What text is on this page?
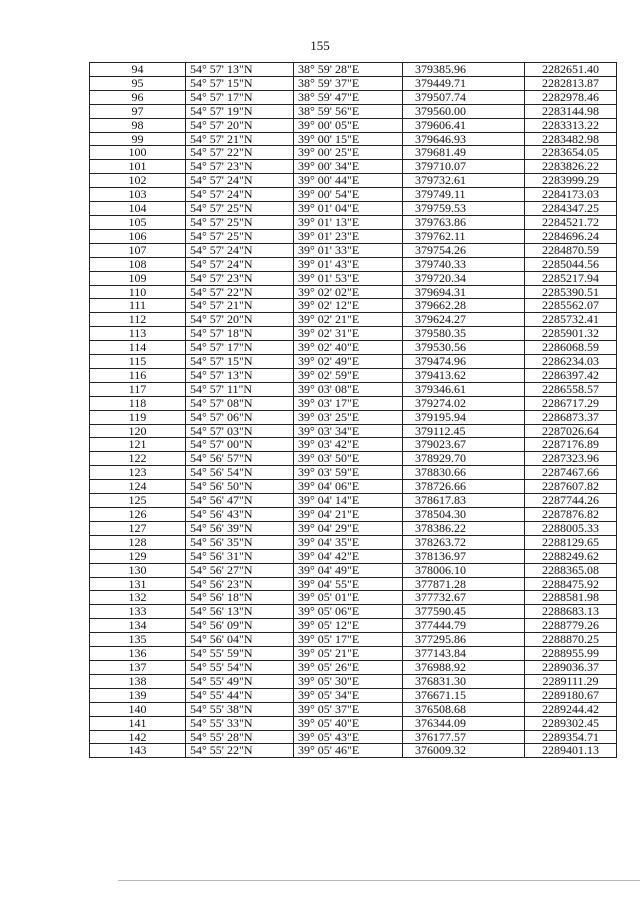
155
94	54° 57' 13"N	38° 59' 28"E	379385.96	2282651.40
95	54° 57' 15"N	38° 59' 37"E	379449.71	2282813.87
96	54° 57' 17"N	38° 59' 47"E	379507.74	2282978.46
97	54° 57' 19"N	38° 59' 56"E	379560.00	2283144.98
98	54° 57' 20"N	39° 00' 05"E	379606.41	2283313.22
99	54° 57' 21"N	39° 00' 15"E	379646.93	2283482.98
100	54° 57' 22"N	39° 00' 25"E	379681.49	2283654.05
101	54° 57' 23"N	39° 00' 34"E	379710.07	2283826.22
102	54° 57' 24"N	39° 00' 44"E	379732.61	2283999.29
103	54° 57' 24"N	39° 00' 54"E	379749.11	2284173.03
104	54° 57' 25"N	39° 01' 04"E	379759.53	2284347.25
105	54° 57' 25"N	39° 01' 13"E	379763.86	2284521.72
106	54° 57' 25"N	39° 01' 23"E	379762.11	2284696.24
107	54° 57' 24"N	39° 01' 33"E	379754.26	2284870.59
108	54° 57' 24"N	39° 01' 43"E	379740.33	2285044.56
109	54° 57' 23"N	39° 01' 53"E	379720.34	2285217.94
110	54° 57' 22"N	39° 02' 02"E	379694.31	2285390.51
111	54° 57' 21"N	39° 02' 12"E	379662.28	2285562.07
112	54° 57' 20"N	39° 02' 21"E	379624.27	2285732.41
113	54° 57' 18"N	39° 02' 31"E	379580.35	2285901.32
114	54° 57' 17"N	39° 02' 40"E	379530.56	2286068.59
115	54° 57' 15"N	39° 02' 49"E	379474.96	2286234.03
116	54° 57' 13"N	39° 02' 59"E	379413.62	2286397.42
117	54° 57' 11"N	39° 03' 08"E	379346.61	2286558.57
118	54° 57' 08"N	39° 03' 17"E	379274.02	2286717.29
119	54° 57' 06"N	39° 03' 25"E	379195.94	2286873.37
120	54° 57' 03"N	39° 03' 34"E	379112.45	2287026.64
121	54° 57' 00"N	39° 03' 42"E	379023.67	2287176.89
122	54° 56' 57"N	39° 03' 50"E	378929.70	2287323.96
123	54° 56' 54"N	39° 03' 59"E	378830.66	2287467.66
124	54° 56' 50"N	39° 04' 06"E	378726.66	2287607.82
125	54° 56' 47"N	39° 04' 14"E	378617.83	2287744.26
126	54° 56' 43"N	39° 04' 21"E	378504.30	2287876.82
127	54° 56' 39"N	39° 04' 29"E	378386.22	2288005.33
128	54° 56' 35"N	39° 04' 35"E	378263.72	2288129.65
129	54° 56' 31"N	39° 04' 42"E	378136.97	2288249.62
130	54° 56' 27"N	39° 04' 49"E	378006.10	2288365.08
131	54° 56' 23"N	39° 04' 55"E	377871.28	2288475.92
132	54° 56' 18"N	39° 05' 01"E	377732.67	2288581.98
133	54° 56' 13"N	39° 05' 06"E	377590.45	2288683.13
134	54° 56' 09"N	39° 05' 12"E	377444.79	2288779.26
135	54° 56' 04"N	39° 05' 17"E	377295.86	2288870.25
136	54° 55' 59"N	39° 05' 21"E	377143.84	2288955.99
137	54° 55' 54"N	39° 05' 26"E	376988.92	2289036.37
138	54° 55' 49"N	39° 05' 30"E	376831.30	2289111.29
139	54° 55' 44"N	39° 05' 34"E	376671.15	2289180.67
140	54° 55' 38"N	39° 05' 37"E	376508.68	2289244.42
141	54° 55' 33"N	39° 05' 40"E	376344.09	2289302.45
142	54° 55' 28"N	39° 05' 43"E	376177.57	2289354.71
143	54° 55' 22"N	39° 05' 46"E	376009.32	2289401.13
